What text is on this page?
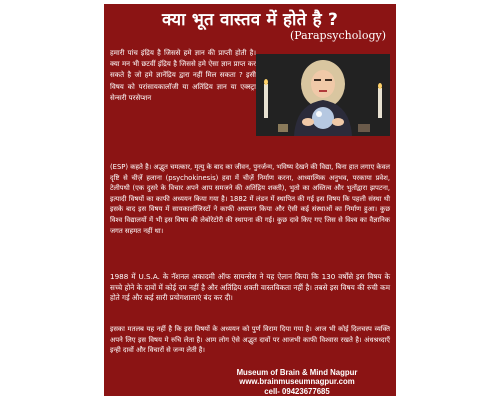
क्या भूत वास्तव में होते है ?
(Parapsychology)
हमारी पांच इंद्रिय है जिससे हमे ज्ञान की प्राप्ती होती है। क्या मन भी छटवीं इंद्रिय है जिससे हमे ऐसा ज्ञान प्राप्त कर सकते है जो हमे ज्ञानेंद्रिय द्वारा नहीं मिल सकता ? इसी विषय को परांसायकालॉजी या अतिंद्रिय ज्ञान या एक्स्ट्रा सेन्सरी परसेप्शन
(ESP) कहते है। अद्भुत चमत्कार, मृत्यु के बाद का जीवन, पुनर्जन्म, भविष्य देखने की विद्या, बिना हात लगाए केवल दृष्टि से चीज़ें हलाना (psychokinesis) हवा में चीज़ें निर्माण करना, आध्यात्मिक अनुभव, परकाया प्रवेश, टेलीपथी (एक दुसरे के विचार अपने आप समजने की अतिंद्रिय शक्ती), भुतो का अस्तित्व और भुतोंद्वारा झपटना, इत्यादी विषयों का काफी अध्ययन किया गया है। 1882 में लंडन में स्थापित की गई इस विषय कि पहली संस्था थी इसके बाद इस विषय में सायकालॉजिस्टों ने काफी अध्ययन किया और ऐसी कई संस्थाओं का निर्माण हुआ। कुछ विश्व विद्यालयों में भी इस विषय की लेबोरेटोरी की स्थापना की गई। कुछ दावे किए गए जिस से विश्व का वैज्ञानिक जगत सहमत नहीं था।
1988 में U.S.A. के नॅशनल अकादमी ऑफ सायन्सेस ने यह ऐलान किया कि 130 वर्षोंसे इस विषय के सच्चे होने के दावों में कोई दम नहीं है और अतिंद्रिय शक्ती वास्तविकता नहीं है। तबसे इस विषय की रुची कम होते गई और कई सारी प्रयोगशालाएं बंद कर दी।
इसका मतलब यह नहीं है कि इस विषयों के अध्ययन को पुर्ण विराम दिया गया है। आज भी कोई दिलचस्प व्यक्ति अपने लिए इस विषय मे रुचि लेता है। आम लोग ऐसे अद्भुत दावों पर आजभी काफी विश्वास रखते है। अंधश्रध्दाएँ इन्ही दावों और विचारों से जन्म लेती है।
Museum of Brain & Mind Nagpur
www.brainmuseumnagpur.com
cell- 09423677685
